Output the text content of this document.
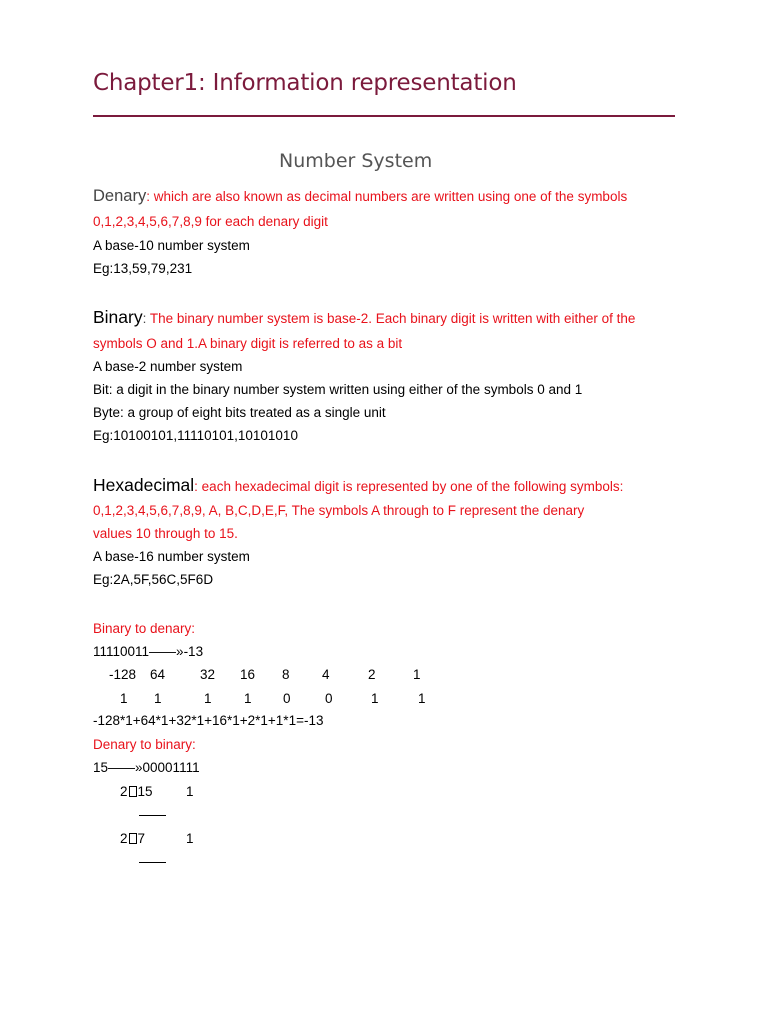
Chapter1: Information representation
Number System
Denary: which are also known as decimal numbers are written using one of the symbols
0,1,2,3,4,5,6,7,8,9 for each denary digit
A base-10 number system
Eg:13,59,79,231
Binary: The binary number system is base-2. Each binary digit is written with either of the
symbols O and 1.A binary digit is referred to as a bit
A base-2 number system
Bit: a digit in the binary number system written using either of the symbols 0 and 1
Byte: a group of eight bits treated as a single unit
Eg:10100101,11110101,10101010
Hexadecimal: each hexadecimal digit is represented by one of the following symbols:
0,1,2,3,4,5,6,7,8,9, A, B,C,D,E,F, The symbols A through to F represent the denary
values 10 through to 15.
A base-16 number system
Eg:2A,5F,56C,5F6D
Binary to denary:
11110011——»-13
-128 64	32 16 8 4	2	1
1 1	1 1 0	0	1	1
-128*1+64*1+32*1+16*1+2*1+1*1=-13
Denary to binary:
15——»00001111
2 15 1
2 7	1
